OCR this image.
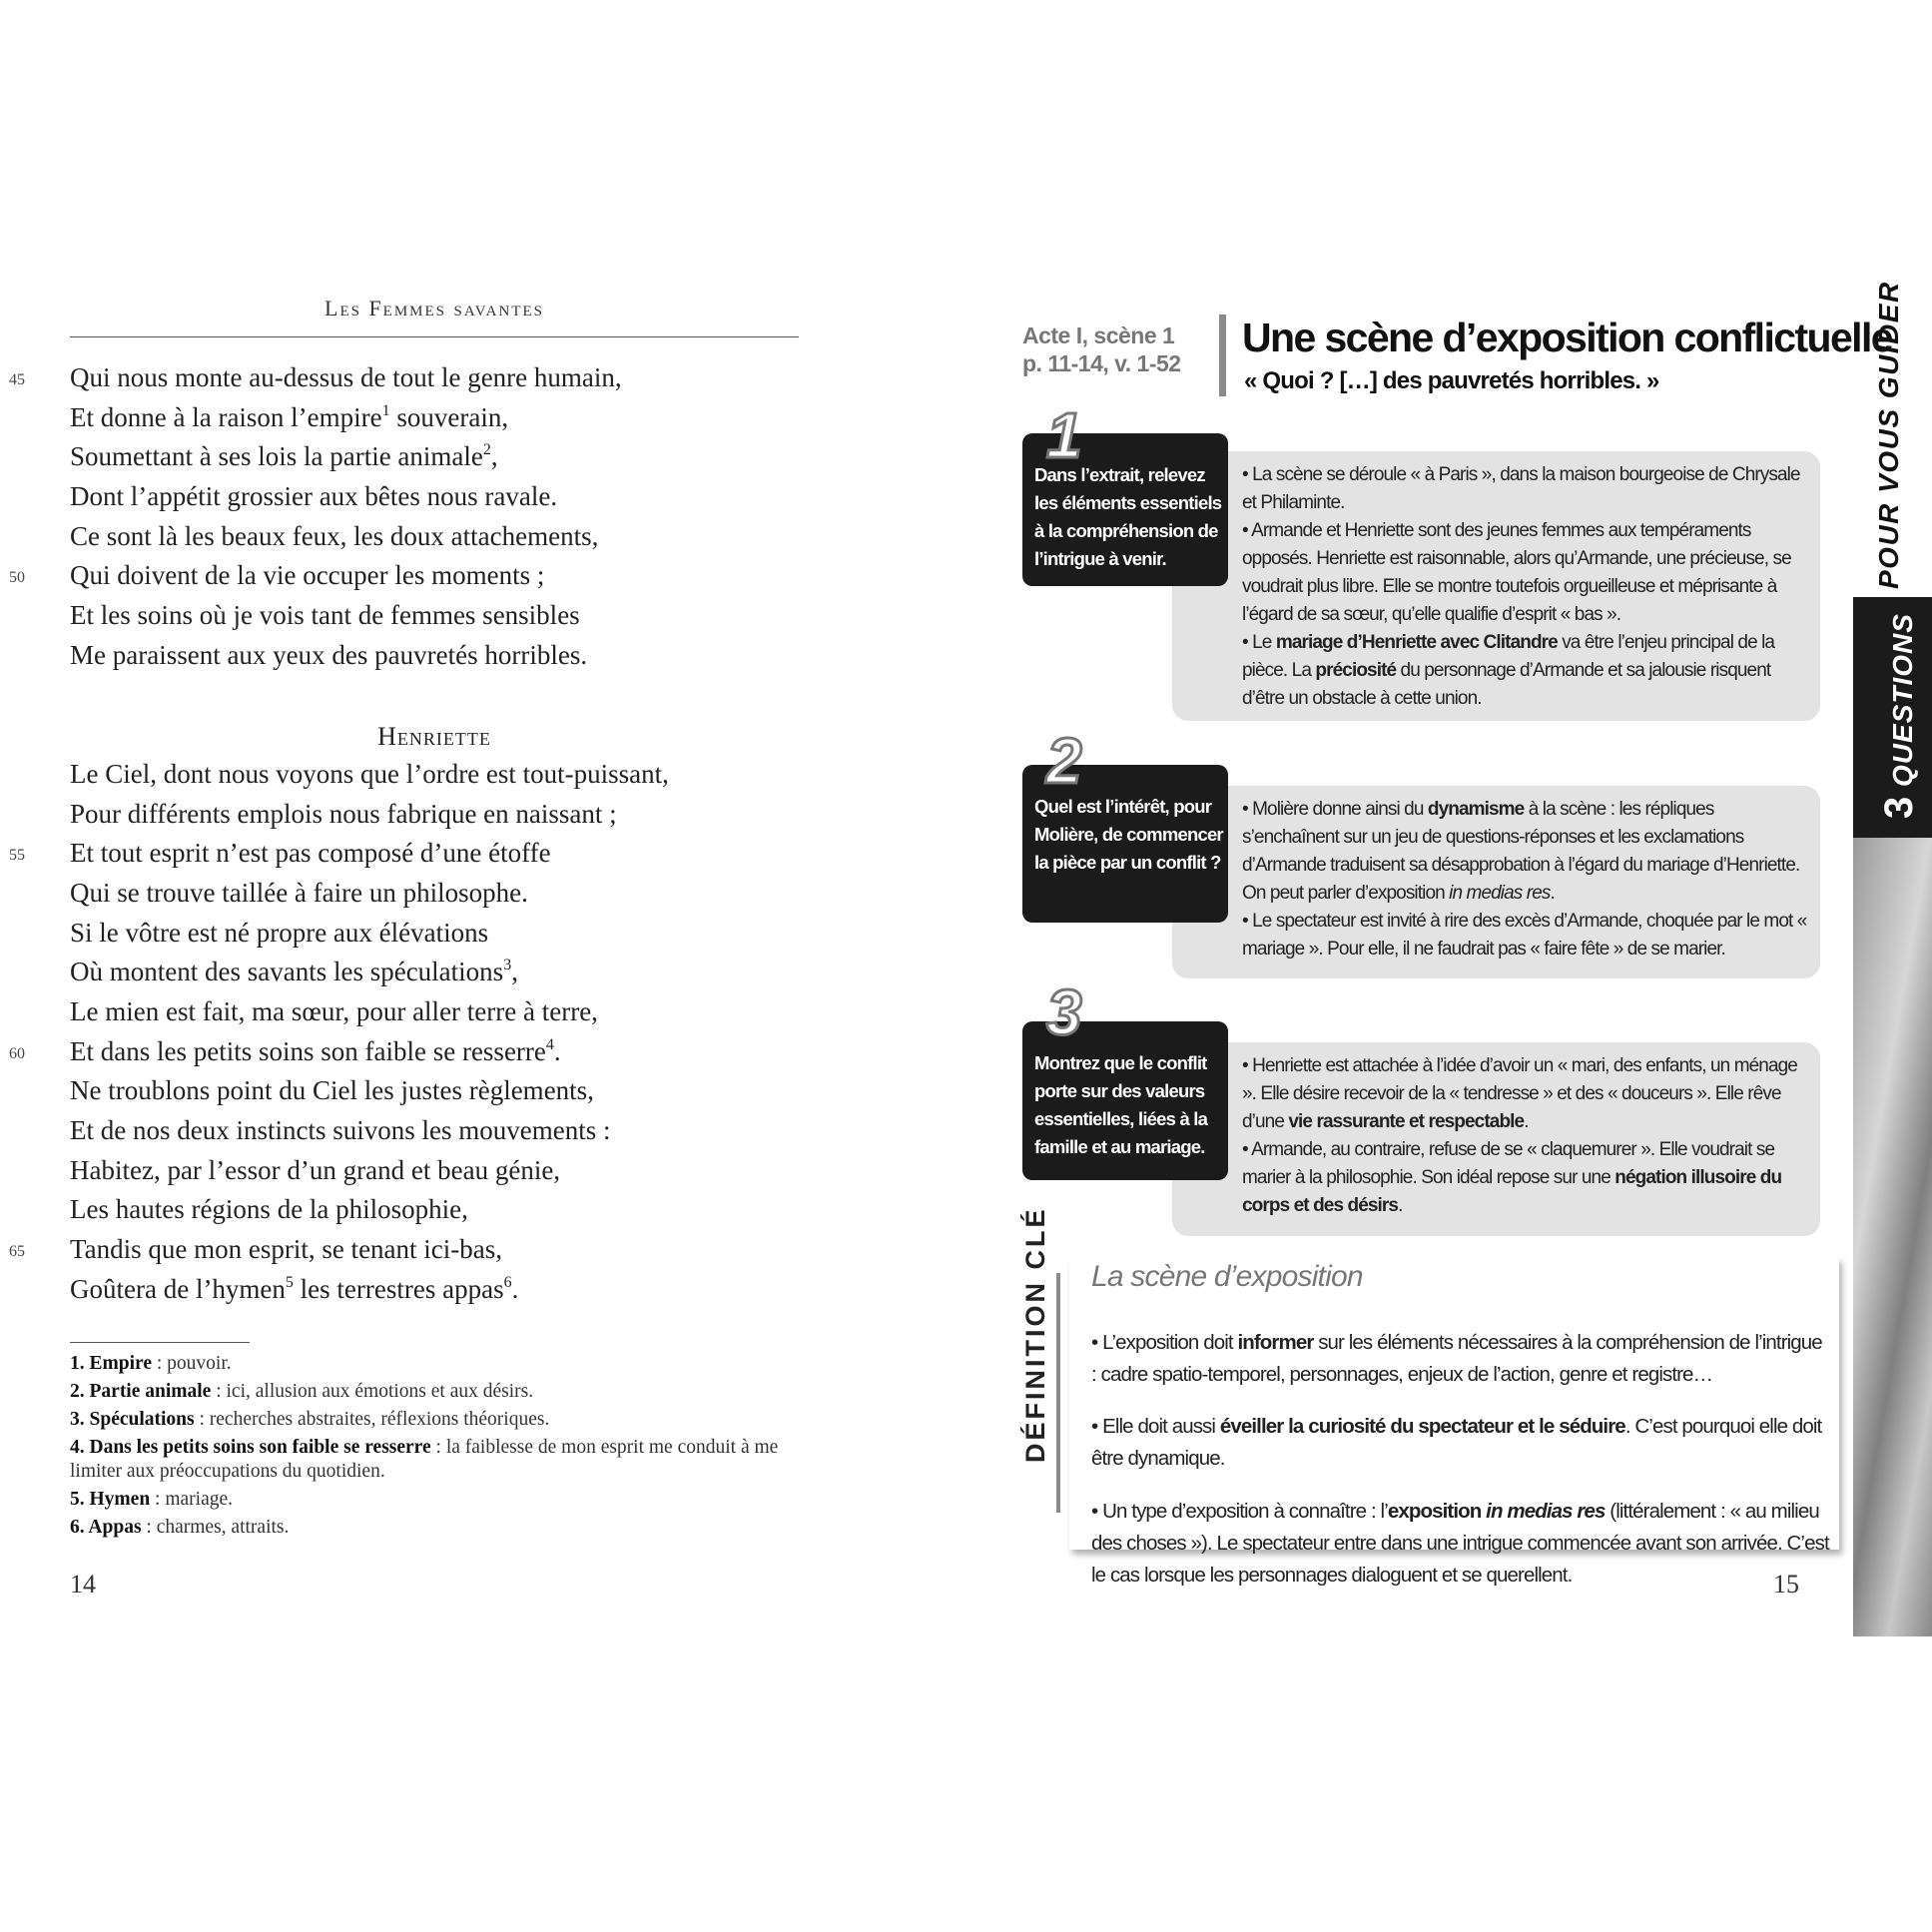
Les Femmes savantes
45 Qui nous monte au-dessus de tout le genre humain,
Et donne à la raison l’empire$^1$ souverain,
Soumettant à ses lois la partie animale$^2$,
Dont l’appétit grossier aux bêtes nous ravale.
Ce sont là les beaux feux, les doux attachements,
50 Qui doivent de la vie occuper les moments ;
Et les soins où je vois tant de femmes sensibles
Me paraissent aux yeux des pauvretés horribles.
Henriette
Le Ciel, dont nous voyons que l’ordre est tout-puissant,
Pour différents emplois nous fabrique en naissant ;
55 Et tout esprit n’est pas composé d’une étoffe
Qui se trouve taillée à faire un philosophe.
Si le vôtre est né propre aux élévations
Où montent des savants les spéculations$^3$,
Le mien est fait, ma sœur, pour aller terre à terre,
60 Et dans les petits soins son faible se resserre$^4$.
Ne troublons point du Ciel les justes règlements,
Et de nos deux instincts suivons les mouvements :
Habitez, par l’essor d’un grand et beau génie,
Les hautes régions de la philosophie,
65 Tandis que mon esprit, se tenant ici-bas,
Goûtera de l’hymen$^5$ les terrestres appas$^6$.
1. Empire : pouvoir.
2. Partie animale : ici, allusion aux émotions et aux désirs.
3. Spéculations : recherches abstraites, réflexions théoriques.
4. Dans les petits soins son faible se resserre : la faiblesse de mon esprit me conduit à me limiter aux préoccupations du quotidien.
5. Hymen : mariage.
6. Appas : charmes, attraits.
14
Acte I, scène 1
p. 11-14, v. 1-52
Une scène d’exposition conflictuelle
« Quoi ? […] des pauvretés horribles. »

• La scène se déroule « à Paris », dans la maison bourgeoise de Chrysale et Philaminte.

• Armande et Henriette sont des jeunes femmes aux tempéraments opposés. Henriette est raisonnable, alors qu’Armande, une précieuse, se voudrait plus libre. Elle se montre toutefois orgueilleuse et méprisante à l’égard de sa sœur, qu’elle qualifie d’esprit « bas ».

• Le mariage d’Henriette avec Clitandre va être l’enjeu principal de la pièce. La préciosité du personnage d’Armande et sa jalousie risquent d’être un obstacle à cette union.

Dans l’extrait, relevez les éléments essentiels à la compréhension de l’intrigue à venir.
1

• Molière donne ainsi du dynamisme à la scène : les répliques s’enchaînent sur un jeu de questions-réponses et les exclamations d’Armande traduisent sa désapprobation à l’égard du mariage d’Henriette. On peut parler d’exposition in medias res.

• Le spectateur est invité à rire des excès d’Armande, choquée par le mot « mariage ». Pour elle, il ne faudrait pas « faire fête » de se marier.

Quel est l’intérêt, pour Molière, de commencer la pièce par un conflit ?
2

• Henriette est attachée à l’idée d’avoir un « mari, des enfants, un ménage ». Elle désire recevoir de la « tendresse » et des « douceurs ». Elle rêve d’une vie rassurante et respectable.

• Armande, au contraire, refuse de se « claquemurer ». Elle voudrait se marier à la philosophie. Son idéal repose sur une négation illusoire du corps et des désirs.

Montrez que le conflit porte sur des valeurs essentielles, liées à la famille et au mariage.
3
DÉFINITION CLÉ La scène d’exposition

• L’exposition doit informer sur les éléments nécessaires à la compréhension de l’intrigue : cadre spatio-temporel, personnages, enjeux de l’action, genre et registre…

• Elle doit aussi éveiller la curiosité du spectateur et le séduire. C’est pourquoi elle doit être dynamique.

• Un type d’exposition à connaître : l’exposition in medias res (littéralement : « au milieu des choses »). Le spectateur entre dans une intrigue commencée avant son arrivée. C’est le cas lorsque les personnages dialoguent et se querellent.	15
3 QUESTIONS
POUR VOUS GUIDER
